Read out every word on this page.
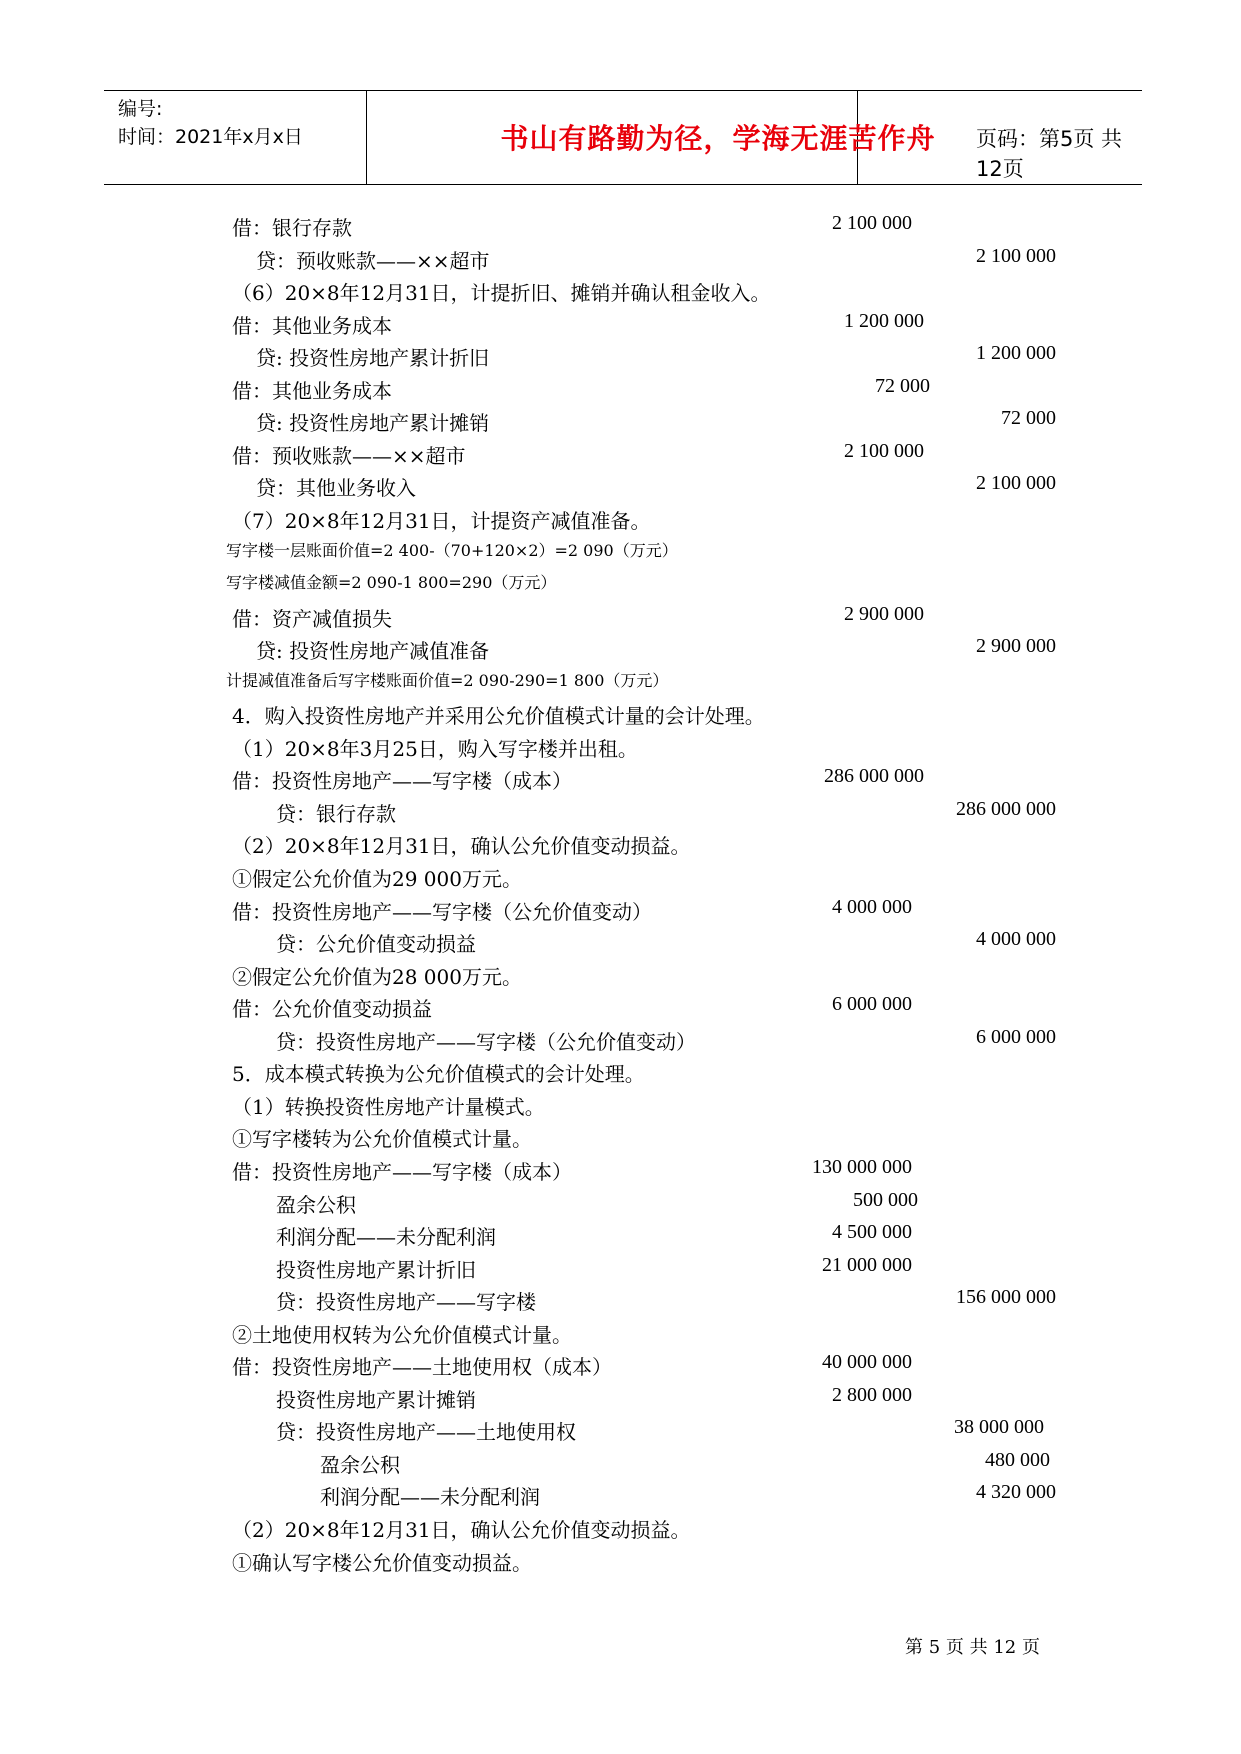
编号:
时间：2021年x月x日	书山有路勤为径，学海无涯苦作舟	页码：第5页 共12页
借：银行存款	2 100 000
贷：预收账款——××超市	2 100 000
（6）20×8年12月31日，计提折旧、摊销并确认租金收入。
借：其他业务成本	1 200 000
贷: 投资性房地产累计折旧	1 200 000
借：其他业务成本	72 000
贷: 投资性房地产累计摊销	72 000
借：预收账款——××超市	2 100 000
贷：其他业务收入	2 100 000
（7）20×8年12月31日，计提资产减值准备。
写字楼一层账面价值=2 400-（70+120×2）=2 090（万元）
写字楼减值金额=2 090-1 800=290（万元）
借：资产减值损失	2 900 000
贷: 投资性房地产减值准备	2 900 000
计提减值准备后写字楼账面价值=2 090-290=1 800（万元）
4．购入投资性房地产并采用公允价值模式计量的会计处理。
（1）20×8年3月25日，购入写字楼并出租。
借：投资性房地产——写字楼（成本）	286 000 000
贷：银行存款	286 000 000
（2）20×8年12月31日，确认公允价值变动损益。
①假定公允价值为29 000万元。
借：投资性房地产——写字楼（公允价值变动）	4 000 000
贷：公允价值变动损益	4 000 000
②假定公允价值为28 000万元。
借：公允价值变动损益	6 000 000
贷：投资性房地产——写字楼（公允价值变动）	6 000 000
5．成本模式转换为公允价值模式的会计处理。
（1）转换投资性房地产计量模式。
①写字楼转为公允价值模式计量。
借：投资性房地产——写字楼（成本）	130 000 000
盈余公积	500 000
利润分配——未分配利润	4 500 000
投资性房地产累计折旧	21 000 000
贷：投资性房地产——写字楼	156 000 000
②土地使用权转为公允价值模式计量。
借：投资性房地产——土地使用权（成本）	40 000 000
投资性房地产累计摊销	2 800 000
贷：投资性房地产——土地使用权	38 000 000
盈余公积	480 000
利润分配——未分配利润	4 320 000
（2）20×8年12月31日，确认公允价值变动损益。
①确认写字楼公允价值变动损益。
第 5 页 共 12 页
